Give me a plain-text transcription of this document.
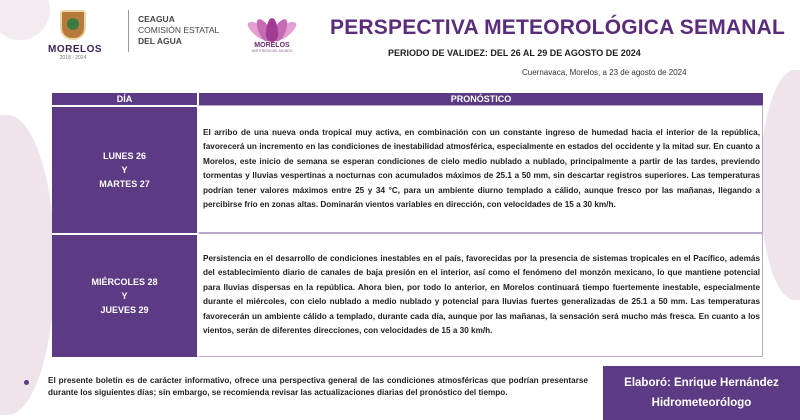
MORELOS
2018 - 2024
CEAGUA
COMISIÓN ESTATAL
DEL AGUA	MORELOS
ANFITRIÓN DEL MUNDO
PERSPECTIVA METEOROLÓGICA SEMANAL
PERIODO DE VALIDEZ: DEL 26 AL 29 DE AGOSTO DE 2024
Cuernavaca, Morelos, a 23 de agosto de 2024
DÍA	PRONÓSTICO
LUNES 26
Y
MARTES 27

El arribo de una nueva onda tropical muy activa, en combinación con un constante ingreso de humedad hacia el interior de la república, favorecerá un incremento en las condiciones de inestabilidad atmosférica, especialmente en estados del occidente y la mitad sur. En cuanto a Morelos, este inicio de semana se esperan condiciones de cielo medio nublado a nublado, principalmente a partir de las tardes, previendo tormentas y lluvias vespertinas a nocturnas con acumulados máximos de 25.1 a 50 mm, sin descartar registros superiores. Las temperaturas podrían tener valores máximos entre 25 y 34 °C, para un ambiente diurno templado a cálido, aunque fresco por las mañanas, llegando a percibirse frío en zonas altas. Dominarán vientos variables en dirección, con velocidades de 15 a 30 km/h.

MIÉRCOLES 28
Y
JUEVES 29

Persistencia en el desarrollo de condiciones inestables en el país, favorecidas por la presencia de sistemas tropicales en el Pacífico, además del establecimiento diario de canales de baja presión en el interior, así como el fenómeno del monzón mexicano, lo que mantiene potencial para lluvias dispersas en la república. Ahora bien, por todo lo anterior, en Morelos continuará tiempo fuertemente inestable, especialmente durante el miércoles, con cielo nublado a medio nublado y potencial para lluvias fuertes generalizadas de 25.1 a 50 mm. Las temperaturas favorecerán un ambiente cálido a templado, durante cada día, aunque por las mañanas, la sensación será mucho más fresca. En cuanto a los vientos, serán de diferentes direcciones, con velocidades de 15 a 30 km/h.

El presente boletín es de carácter informativo, ofrece una perspectiva general de las condiciones atmosféricas que podrían presentarse durante los siguientes días; sin embargo, se recomienda revisar las actualizaciones diarias del pronóstico del tiempo.

Elaboró: Enrique Hernández
Hidrometeorólogo
